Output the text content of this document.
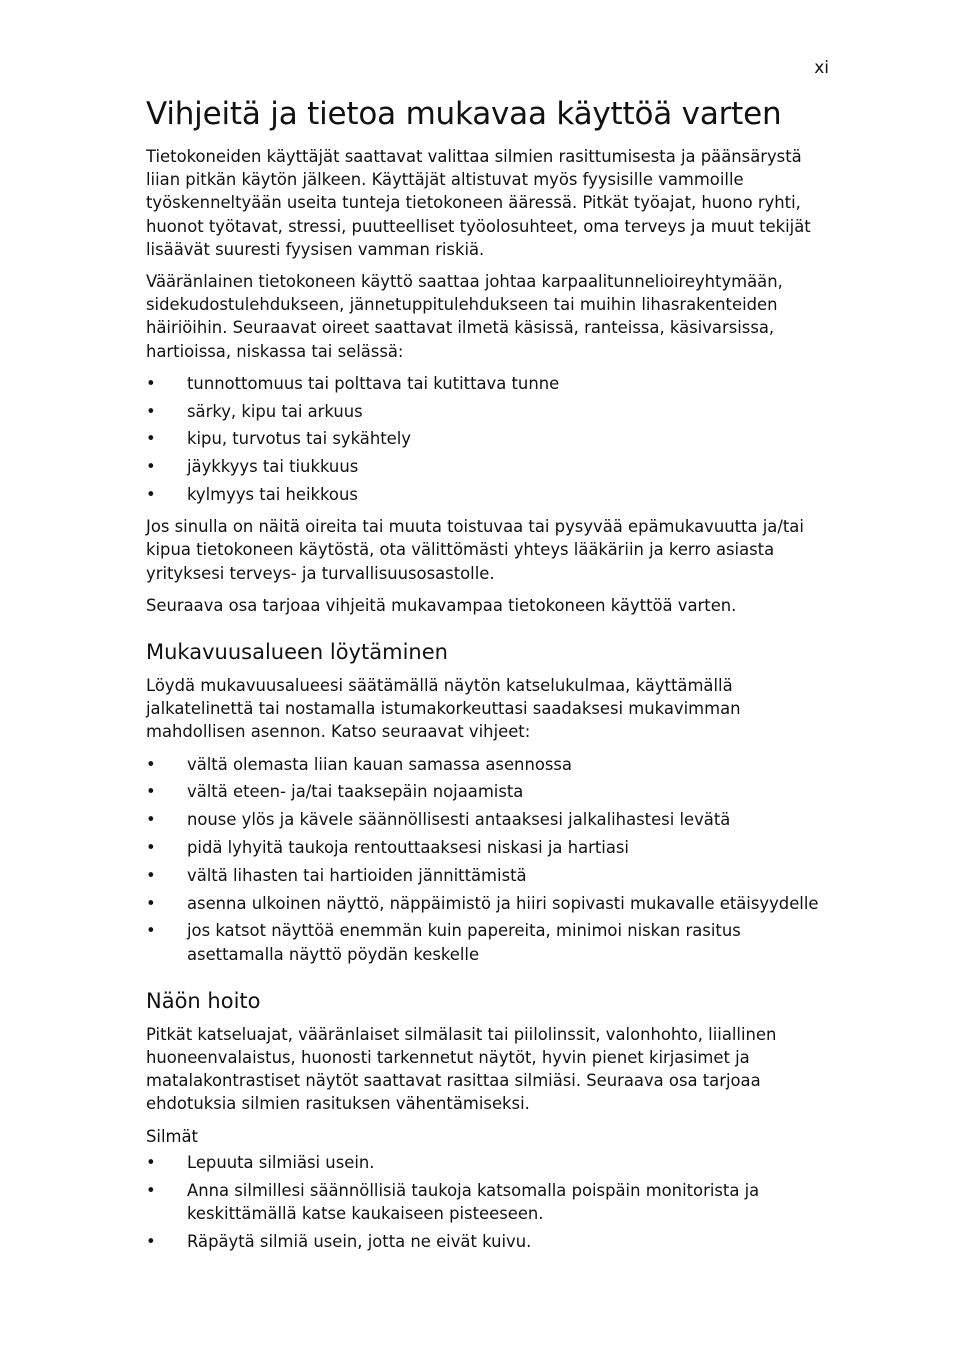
xi
Vihjeitä ja tietoa mukavaa käyttöä varten

Tietokoneiden käyttäjät saattavat valittaa silmien rasittumisesta ja päänsärystä liian pitkän käytön jälkeen. Käyttäjät altistuvat myös fyysisille vammoille työskenneltyään useita tunteja tietokoneen ääressä. Pitkät työajat, huono ryhti, huonot työtavat, stressi, puutteelliset työolosuhteet, oma terveys ja muut tekijät lisäävät suuresti fyysisen vamman riskiä.

Vääränlainen tietokoneen käyttö saattaa johtaa karpaalitunnelioireyhtymään, sidekudostulehdukseen, jännetuppitulehdukseen tai muihin lihasrakenteiden häiriöihin. Seuraavat oireet saattavat ilmetä käsissä, ranteissa, käsivarsissa, hartioissa, niskassa tai selässä:

• tunnottomuus tai polttava tai kutittava tunne
• särky, kipu tai arkuus
• kipu, turvotus tai sykähtely
• jäykkyys tai tiukkuus
• kylmyys tai heikkous

Jos sinulla on näitä oireita tai muuta toistuvaa tai pysyvää epämukavuutta ja/tai kipua tietokoneen käytöstä, ota välittömästi yhteys lääkäriin ja kerro asiasta yrityksesi terveys- ja turvallisuusosastolle.

Seuraava osa tarjoaa vihjeitä mukavampaa tietokoneen käyttöä varten.

Mukavuusalueen löytäminen

Löydä mukavuusalueesi säätämällä näytön katselukulmaa, käyttämällä jalkatelinettä tai nostamalla istumakorkeuttasi saadaksesi mukavimman mahdollisen asennon. Katso seuraavat vihjeet:

• vältä olemasta liian kauan samassa asennossa
• vältä eteen- ja/tai taaksepäin nojaamista
• nouse ylös ja kävele säännöllisesti antaaksesi jalkalihastesi levätä
• pidä lyhyitä taukoja rentouttaaksesi niskasi ja hartiasi
• vältä lihasten tai hartioiden jännittämistä
• asenna ulkoinen näyttö, näppäimistö ja hiiri sopivasti mukavalle etäisyydelle
• jos katsot näyttöä enemmän kuin papereita, minimoi niskan rasitus asettamalla näyttö pöydän keskelle
Näön hoito

Pitkät katseluajat, vääränlaiset silmälasit tai piilolinssit, valonhohto, liiallinen huoneenvalaistus, huonosti tarkennetut näytöt, hyvin pienet kirjasimet ja matalakontrastiset näytöt saattavat rasittaa silmiäsi. Seuraava osa tarjoaa ehdotuksia silmien rasituksen vähentämiseksi.

Silmät

• Lepuuta silmiäsi usein.
• Anna silmillesi säännöllisiä taukoja katsomalla poispäin monitorista ja keskittämällä katse kaukaiseen pisteeseen.
• Räpäytä silmiä usein, jotta ne eivät kuivu.
